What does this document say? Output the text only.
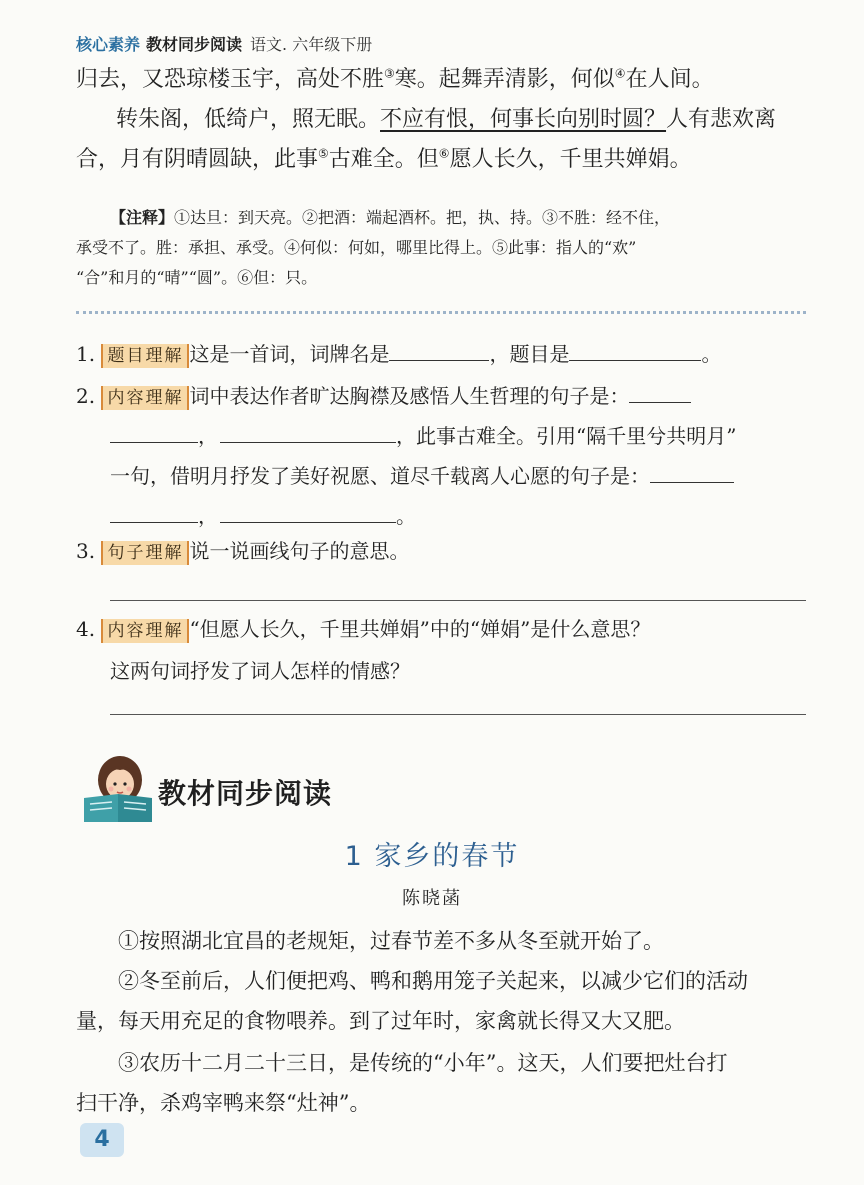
核心素养 教材同步阅读 语文. 六年级下册
归去，又恐琼楼玉宇，高处不胜③寒。起舞弄清影，何似④在人间。
转朱阁，低绮户，照无眠。不应有恨，何事长向别时圆？人有悲欢离
合，月有阴晴圆缺，此事⑤古难全。但⑥愿人长久，千里共婵娟。
【注释】①达旦：到天亮。②把酒：端起酒杯。把，执、持。③不胜：经不住，
承受不了。胜：承担、承受。④何似：何如，哪里比得上。⑤此事：指人的“欢”
“合”和月的“晴”“圆”。⑥但：只。
1. 题目理解 这是一首词，词牌名是	，题目是	。
2. 内容理解 词中表达作者旷达胸襟及感悟人生哲理的句子是：
，	，此事古难全。引用“隔千里兮共明月”
一句，借明月抒发了美好祝愿、道尽千载离人心愿的句子是：
，	。
3. 句子理解 说一说画线句子的意思。
4. 内容理解 “但愿人长久，千里共婵娟”中的“婵娟”是什么意思？
这两句词抒发了词人怎样的情感？
教材同步阅读
1 家乡的春节
陈晓菡
①按照湖北宜昌的老规矩，过春节差不多从冬至就开始了。
②冬至前后，人们便把鸡、鸭和鹅用笼子关起来，以减少它们的活动
量，每天用充足的食物喂养。到了过年时，家禽就长得又大又肥。
③农历十二月二十三日，是传统的“小年”。这天，人们要把灶台打
扫干净，杀鸡宰鸭来祭“灶神”。
4
